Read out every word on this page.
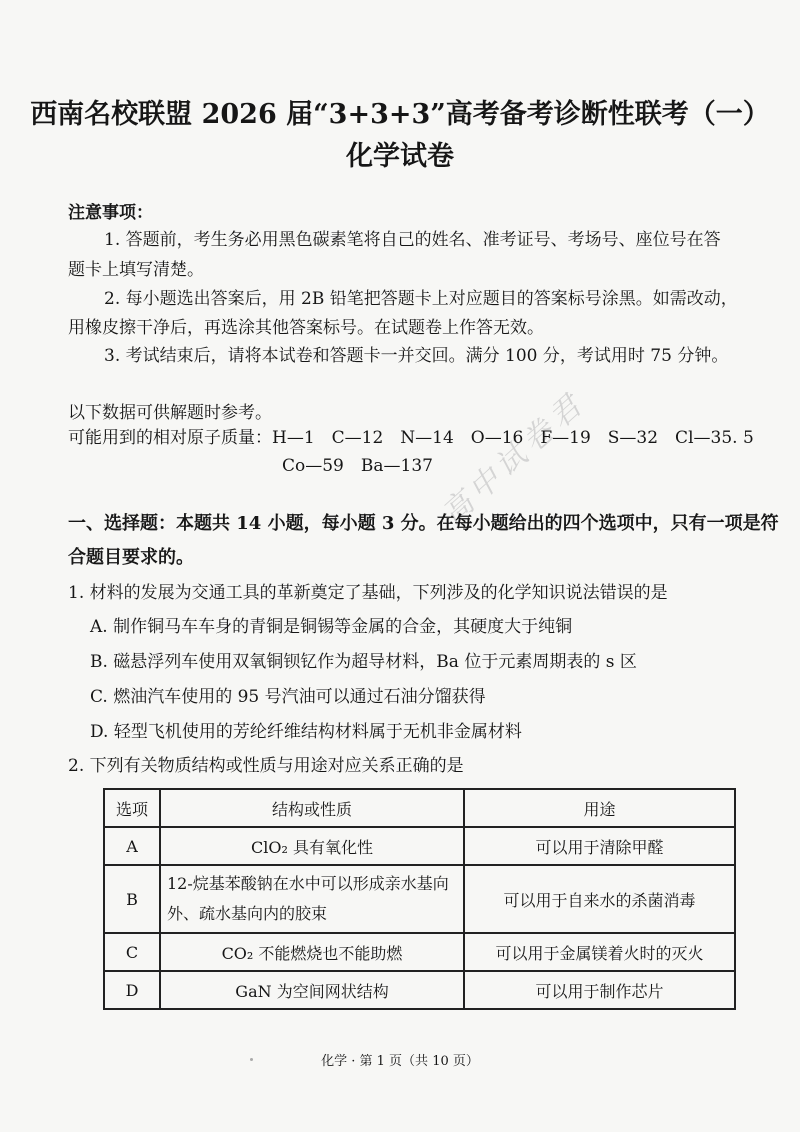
高中试卷君
西南名校联盟 2026 届“3+3+3”高考备考诊断性联考（一）
化学试卷
注意事项：
1. 答题前，考生务必用黑色碳素笔将自己的姓名、准考证号、考场号、座位号在答
题卡上填写清楚。
2. 每小题选出答案后，用 2B 铅笔把答题卡上对应题目的答案标号涂黑。如需改动，
用橡皮擦干净后，再选涂其他答案标号。在试题卷上作答无效。
3. 考试结束后，请将本试卷和答题卡一并交回。满分 100 分，考试用时 75 分钟。
以下数据可供解题时参考。
可能用到的相对原子质量：H—1　C—12　N—14　O—16　F—19　S—32　Cl—35. 5
Co—59　Ba—137
一、选择题：本题共 14 小题，每小题 3 分。在每小题给出的四个选项中，只有一项是符
合题目要求的。
1. 材料的发展为交通工具的革新奠定了基础，下列涉及的化学知识说法错误的是
A. 制作铜马车车身的青铜是铜锡等金属的合金，其硬度大于纯铜
B. 磁悬浮列车使用双氧铜钡钇作为超导材料，Ba 位于元素周期表的 s 区
C. 燃油汽车使用的 95 号汽油可以通过石油分馏获得
D. 轻型飞机使用的芳纶纤维结构材料属于无机非金属材料
2. 下列有关物质结构或性质与用途对应关系正确的是
选项	结构或性质	用途
A	ClO₂ 具有氧化性	可以用于清除甲醛
B	12-烷基苯酸钠在水中可以形成亲水基向外、疏水基向内的胶束	可以用于自来水的杀菌消毒
C	CO₂ 不能燃烧也不能助燃	可以用于金属镁着火时的灭火
D	GaN 为空间网状结构	可以用于制作芯片
化学 · 第 1 页（共 10 页）
